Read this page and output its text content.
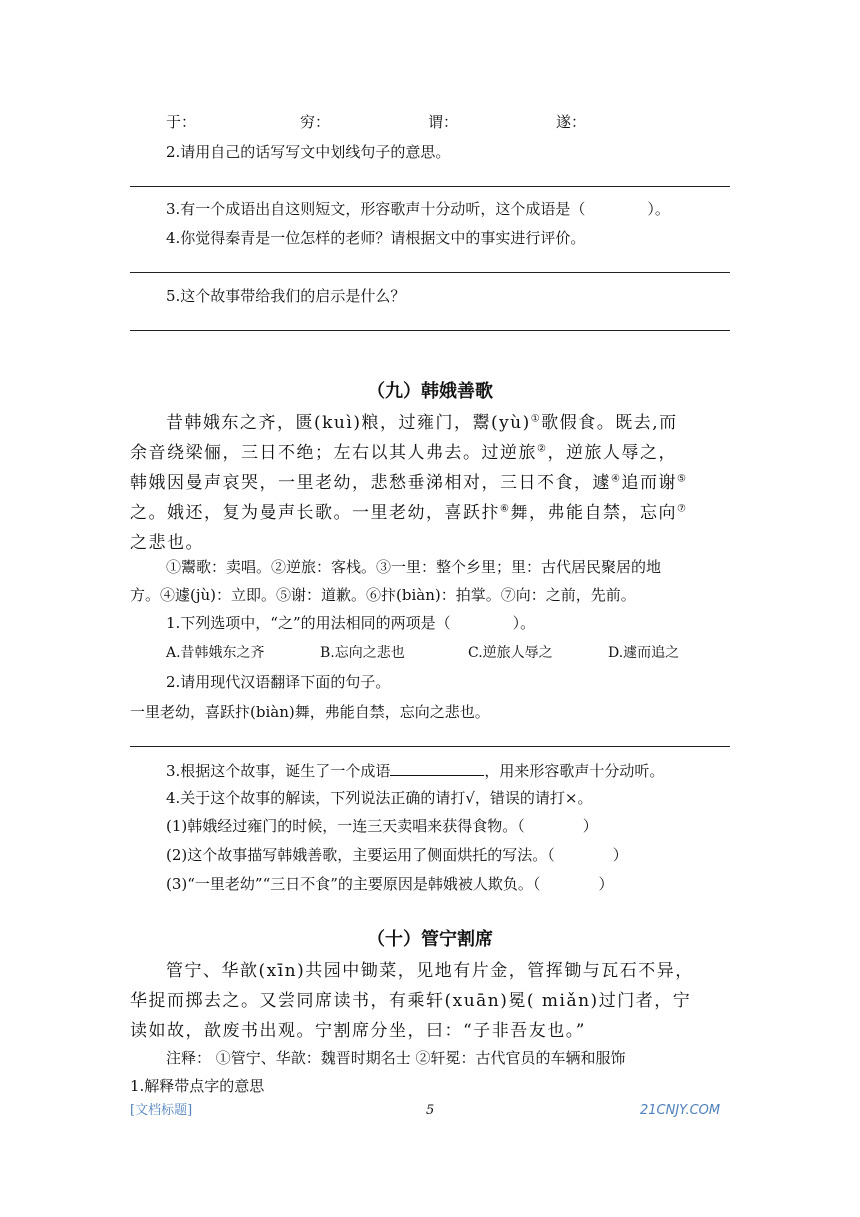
于：	穷：	谓：	遂：
2.请用自己的话写写文中划线句子的意思。
3.有一个成语出自这则短文，形容歌声十分动听，这个成语是（	）。
4.你觉得秦青是一位怎样的老师？请根据文中的事实进行评价。
5.这个故事带给我们的启示是什么？
（九）韩娥善歌
昔韩娥东之齐，匮(kuì)粮，过雍门，鬻(yù)①歌假食。既去,而
余音绕梁俪，三日不绝；左右以其人弗去。过逆旅②，逆旅人辱之，
韩娥因曼声哀哭，一里老幼，悲愁垂涕相对，三日不食，遽④追而谢⑤
之。娥还，复为曼声长歌。一里老幼，喜跃抃⑥舞，弗能自禁，忘向⑦
之悲也。
①鬻歌：卖唱。②逆旅：客栈。③一里：整个乡里；里：古代居民聚居的地
方。④遽(jù)：立即。⑤谢：道歉。⑥抃(biàn)：拍掌。⑦向：之前，先前。
1.下列选项中，“之”的用法相同的两项是（	）。
A.昔韩娥东之齐	B.忘向之悲也	C.逆旅人辱之	D.遽而追之
2.请用现代汉语翻译下面的句子。
一里老幼，喜跃抃(biàn)舞，弗能自禁，忘向之悲也。
3.根据这个故事，诞生了一个成语	，用来形容歌声十分动听。
4.关于这个故事的解读，下列说法正确的请打√，错误的请打×。
(1)韩娥经过雍门的时候，一连三天卖唱来获得食物。（	）
(2)这个故事描写韩娥善歌，主要运用了侧面烘托的写法。（	）
(3)“一里老幼”“三日不食”的主要原因是韩娥被人欺负。（	）
（十）管宁割席
管宁、华歆(xīn)共园中锄菜，见地有片金，管挥锄与瓦石不异，
华捉而掷去之。又尝同席读书，有乘轩(xuān)冕( miǎn)过门者，宁
读如故，歆废书出观。宁割席分坐，曰：“子非吾友也。”
注释： ①管宁、华歆：魏晋时期名士 ②轩冕：古代官员的车辆和服饰
1.解释带点字的意思
[文档标题]	5	21CNJY.COM
